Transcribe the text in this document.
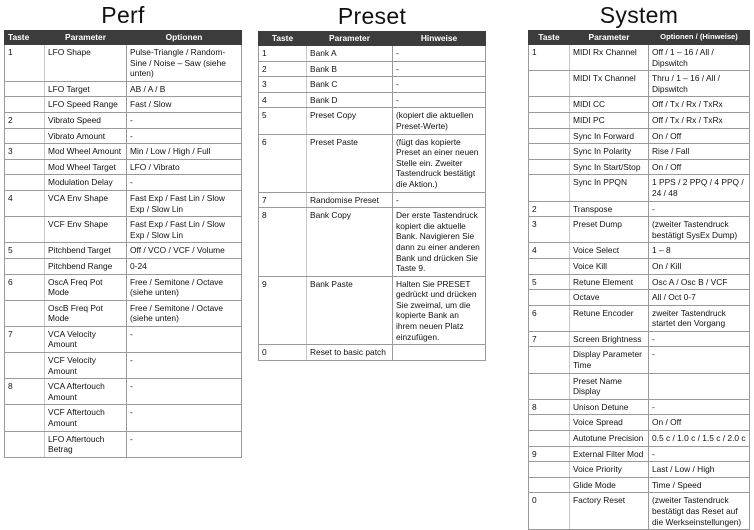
Perf
Taste	Parameter	Optionen
1	LFO Shape	Pulse-Triangle / Random-Sine / Noise – Saw (siehe unten)
	LFO Target	AB / A / B
	LFO Speed Range	Fast / Slow
2	Vibrato Speed	-
	Vibrato Amount	-
3	Mod Wheel Amount	Min / Low / High / Full
	Mod Wheel Target	LFO / Vibrato
	Modulation Delay	-
4	VCA Env Shape	Fast Exp / Fast Lin / Slow Exp / Slow Lin
	VCF Env Shape	Fast Exp / Fast Lin / Slow Exp / Slow Lin
5	Pitchbend Target	Off / VCO / VCF / Volume
	Pitchbend Range	0-24
6	OscA Freq Pot Mode	Free / Semitone / Octave (siehe unten)
	OscB Freq Pot Mode	Free / Semitone / Octave (siehe unten)
7	VCA Velocity Amount	-
	VCF Velocity Amount	-
8	VCA Aftertouch Amount	-
	VCF Aftertouch Amount	-
	LFO Aftertouch Betrag	-
Preset
Taste	Parameter	Hinweise
1	Bank A	-
2	Bank B	-
3	Bank C	-
4	Bank D	-
5	Preset Copy	(kopiert die aktuellen Preset-Werte)
6	Preset Paste	(fügt das kopierte Preset an einer neuen Stelle ein. Zweiter Tastendruck bestätigt die Aktion.)
7	Randomise Preset	-
8	Bank Copy	Der erste Tastendruck kopiert die aktuelle Bank. Navigieren Sie dann zu einer anderen Bank und drücken Sie Taste 9.
9	Bank Paste	Halten Sie PRESET gedrückt und drücken Sie zweimal, um die kopierte Bank an ihrem neuen Platz einzufügen.
0	Reset to basic patch	
System
Taste	Parameter	Optionen / (Hinweise)
1	MIDI Rx Channel	Off / 1 – 16 / All / Dipswitch
	MIDI Tx Channel	Thru / 1 – 16 / All / Dipswitch
	MIDI CC	Off / Tx / Rx / TxRx
	MIDI PC	Off / Tx / Rx / TxRx
	Sync In Forward	On / Off
	Sync In Polarity	Rise / Fall
	Sync In Start/Stop	On / Off
	Sync In PPQN	1 PPS / 2 PPQ / 4 PPQ / 24 / 48
2	Transpose	-
3	Preset Dump	(zweiter Tastendruck bestätigt SysEx Dump)
4	Voice Select	1 – 8
	Voice Kill	On / Kill
5	Retune Element	Osc A / Osc B / VCF
	Octave	All / Oct 0-7
6	Retune Encoder	zweiter Tastendruck startet den Vorgang
7	Screen Brightness	-
	Display Parameter Time	-
	Preset Name Display	
8	Unison Detune	-
	Voice Spread	On / Off
	Autotune Precision	0.5 c / 1.0 c / 1.5 c / 2.0 c
9	External Filter Mod	-
	Voice Priority	Last / Low / High
	Glide Mode	Time / Speed
0	Factory Reset	(zweiter Tastendruck bestätigt das Reset auf die Werkseinstellungen)
